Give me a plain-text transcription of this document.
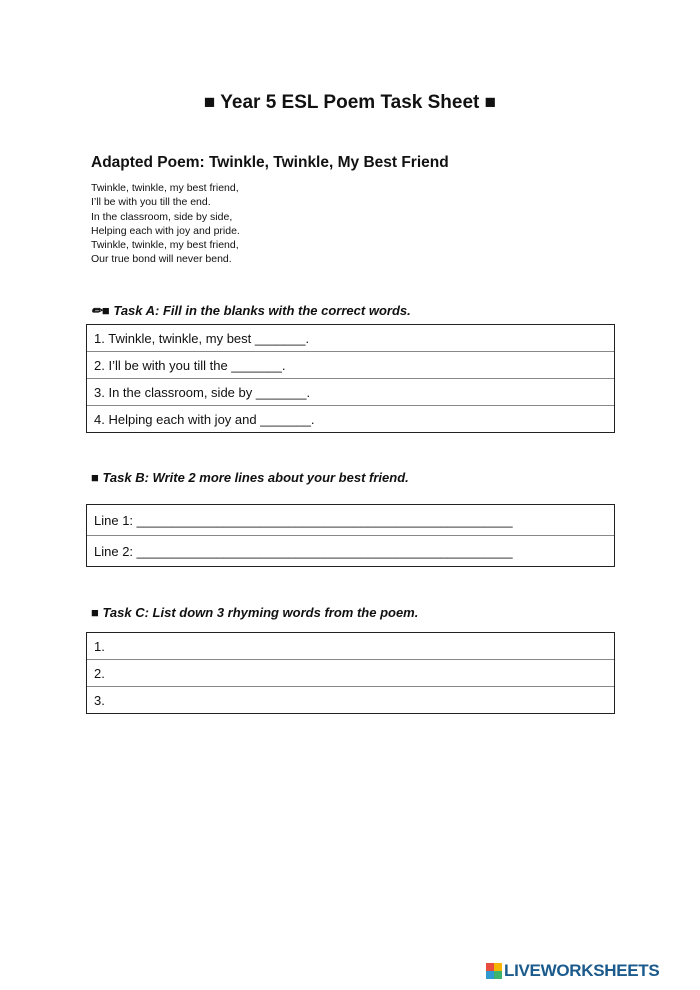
■ Year 5 ESL Poem Task Sheet ■
Adapted Poem: Twinkle, Twinkle, My Best Friend
Twinkle, twinkle, my best friend,
I’ll be with you till the end.
In the classroom, side by side,
Helping each with joy and pride.
Twinkle, twinkle, my best friend,
Our true bond will never bend.
✏■ Task A: Fill in the blanks with the correct words.
1. Twinkle, twinkle, my best _______.
2. I’ll be with you till the _______.
3. In the classroom, side by _______.
4. Helping each with joy and _______.
■ Task B: Write 2 more lines about your best friend.
Line 1: ____________________________________________________
Line 2: ____________________________________________________
■ Task C: List down 3 rhyming words from the poem.
1.
2.
3.
LIVEWORKSHEETS
